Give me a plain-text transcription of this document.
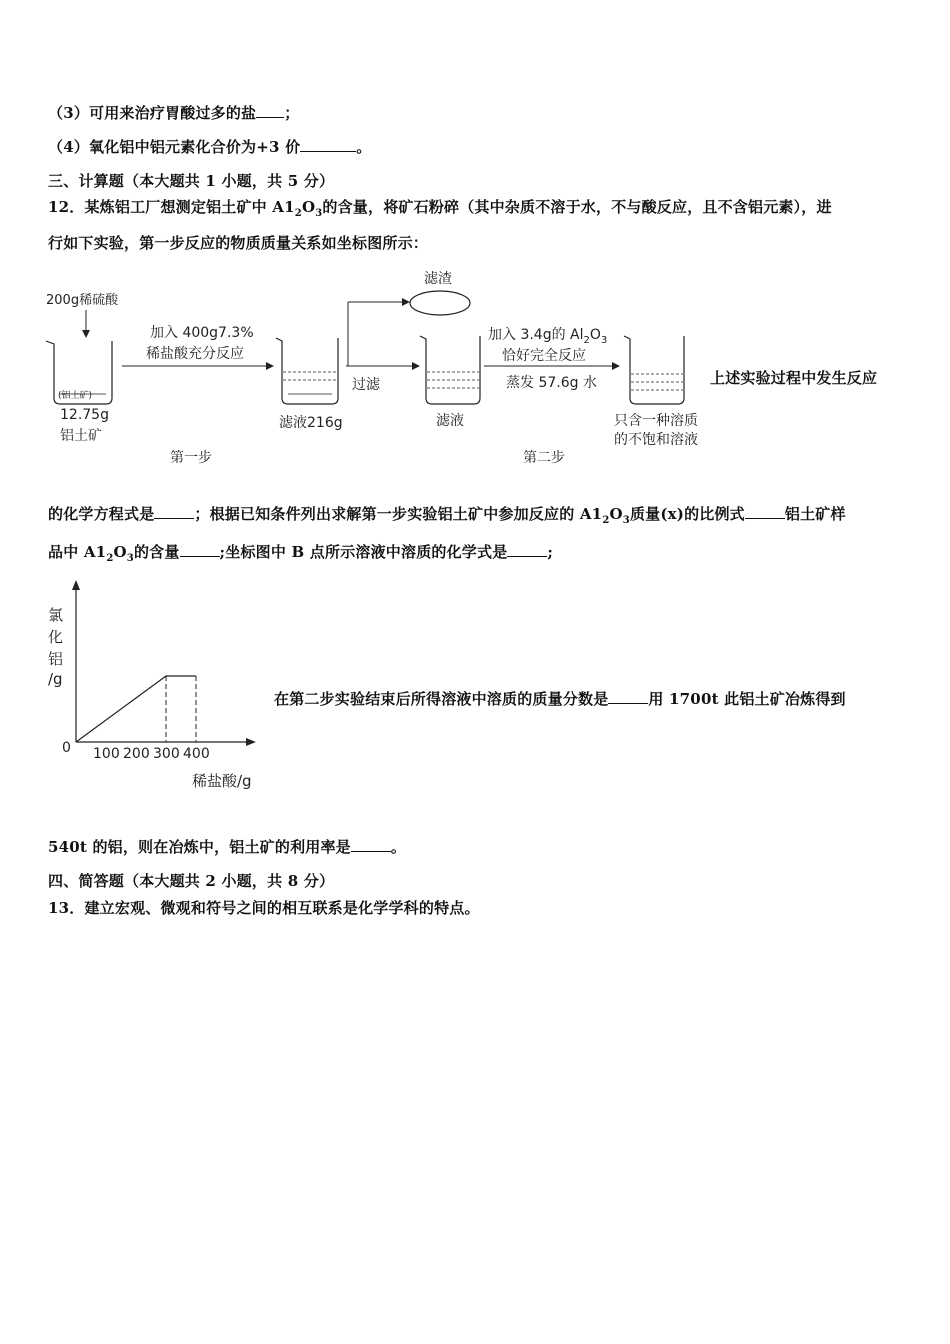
（3）可用来治疗胃酸过多的盐 ；
（4）氧化铝中铝元素化合价为+3 价	。
三、计算题（本大题共 1 小题，共 5 分）
12．某炼铝工厂想测定铝土矿中 $A1_2O_3$的含量，将矿石粉碎（其中杂质不溶于水，不与酸反应，且不含铝元素），进
行如下实验，第一步反应的物质质量关系如坐标图所示：
200g稀硫酸
(铝土矿)
12.75g
铝土矿
加入 400g7.3%
稀盐酸充分反应
滤液216g
过滤
滤渣
滤液
加入 3.4g的 $Al_2O_3$
恰好完全反应
蒸发 57.6g 水
只含一种溶质
的不饱和溶液
第一步	第二步
上述实验过程中发生反应
的化学方程式是	；根据已知条件列出求解第一步实验铝土矿中参加反应的 $A1_2O_3$质量(x)的比例式	铝土矿样
品中 $A1_2O_3$的含量	;坐标图中 B 点所示溶液中溶质的化学式是	;
氯
化
铝
/g
0 100 200 300 400
稀盐酸/g
在第二步实验结束后所得溶液中溶质的质量分数是	用 1700t 此铝土矿冶炼得到
540t 的铝，则在冶炼中，铝土矿的利用率是	。
四、简答题（本大题共 2 小题，共 8 分）
13．建立宏观、微观和符号之间的相互联系是化学学科的特点。
